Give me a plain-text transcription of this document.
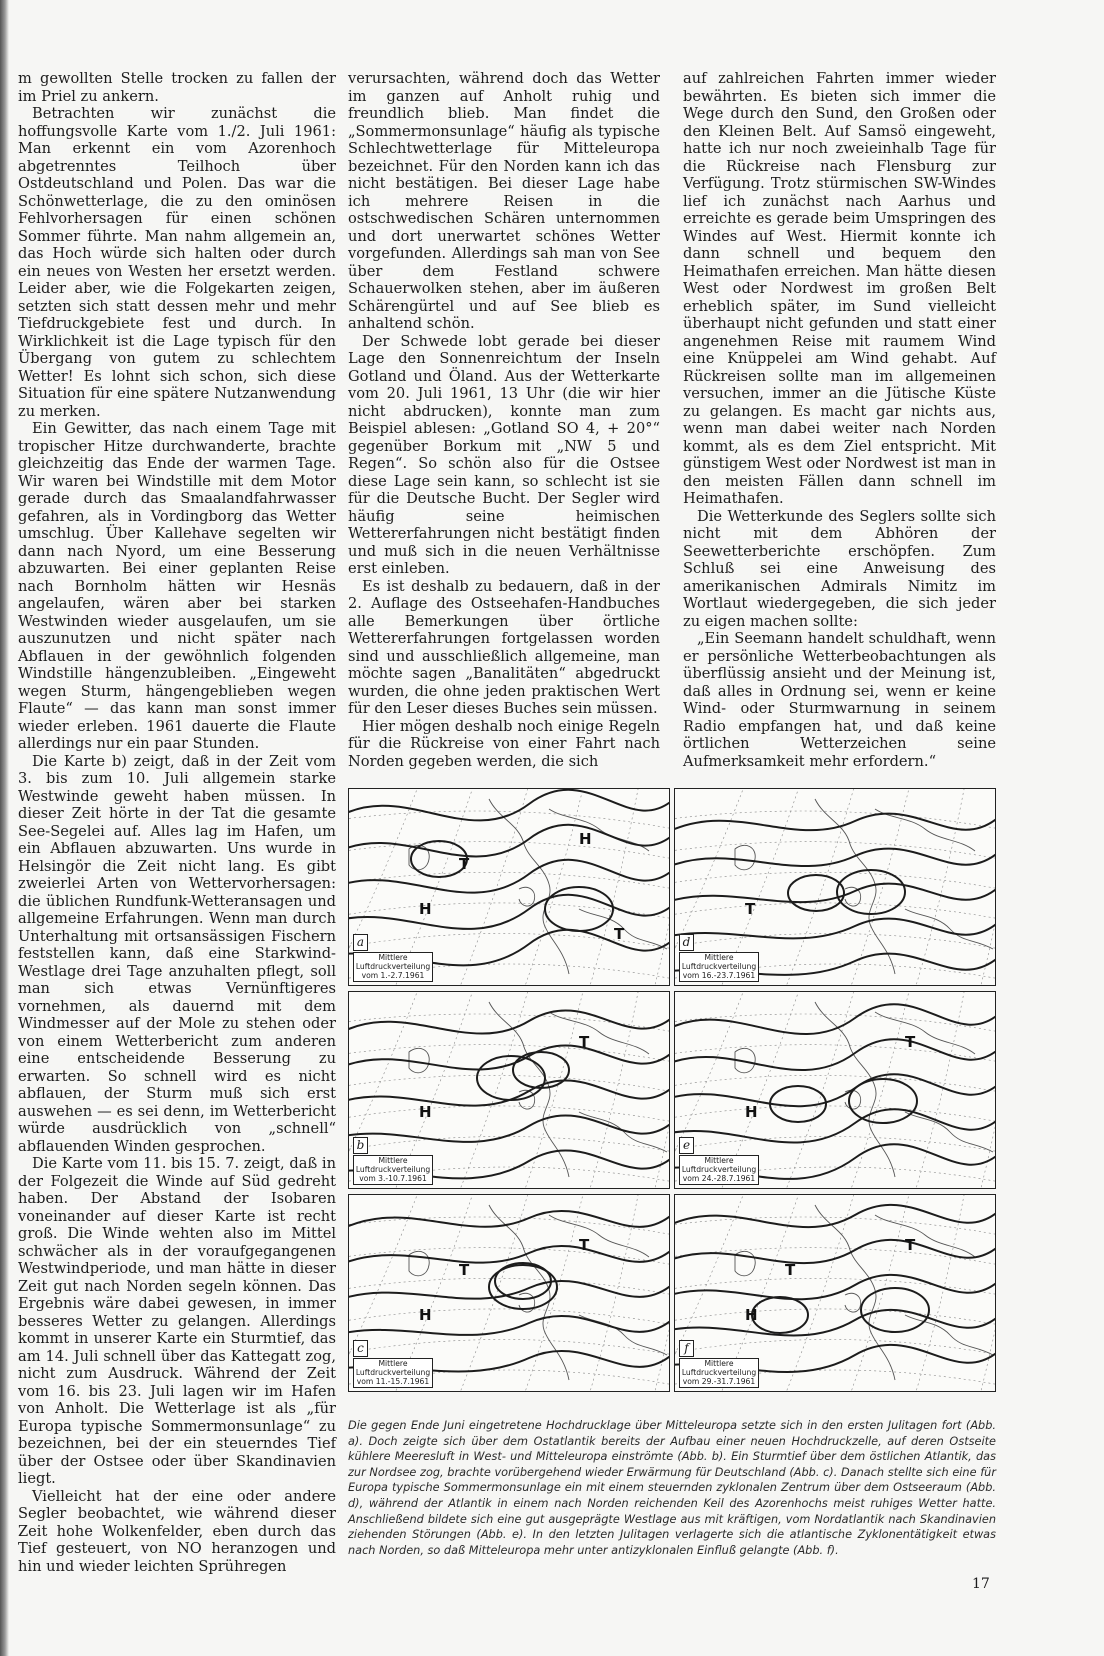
m gewollten Stelle trocken zu fallen der im Priel zu ankern.

Betrachten wir zunächst die hoffungsvolle Karte vom 1./2. Juli 1961: Man erkennt ein vom Azorenhoch abgetrenntes Teilhoch über Ostdeutschland und Polen. Das war die Schönwetterlage, die zu den ominösen Fehlvorhersagen für einen schönen Sommer führte. Man nahm allgemein an, das Hoch würde sich halten oder durch ein neues von Westen her ersetzt werden. Leider aber, wie die Folgekarten zeigen, setzten sich statt dessen mehr und mehr Tiefdruckgebiete fest und durch. In Wirklichkeit ist die Lage typisch für den Übergang von gutem zu schlechtem Wetter! Es lohnt sich schon, sich diese Situation für eine spätere Nutzanwendung zu merken.

Ein Gewitter, das nach einem Tage mit tropischer Hitze durchwanderte, brachte gleichzeitig das Ende der warmen Tage. Wir waren bei Windstille mit dem Motor gerade durch das Smaalandfahrwasser gefahren, als in Vordingborg das Wetter umschlug. Über Kallehave segelten wir dann nach Nyord, um eine Besserung abzuwarten. Bei einer geplanten Reise nach Bornholm hätten wir Hesnäs angelaufen, wären aber bei starken Westwinden wieder ausgelaufen, um sie auszunutzen und nicht später nach Abflauen in der gewöhnlich folgenden Windstille hängenzubleiben. „Eingeweht wegen Sturm, hängengeblieben wegen Flaute“ — das kann man sonst immer wieder erleben. 1961 dauerte die Flaute allerdings nur ein paar Stunden.

Die Karte b) zeigt, daß in der Zeit vom 3. bis zum 10. Juli allgemein starke Westwinde geweht haben müssen. In dieser Zeit hörte in der Tat die gesamte See-Segelei auf. Alles lag im Hafen, um ein Abflauen abzuwarten. Uns wurde in Helsingör die Zeit nicht lang. Es gibt zweierlei Arten von Wettervorhersagen: die üblichen Rundfunk-Wetteransagen und allgemeine Erfahrungen. Wenn man durch Unterhaltung mit ortsansässigen Fischern feststellen kann, daß eine Starkwind-Westlage drei Tage anzuhalten pflegt, soll man sich etwas Vernünftigeres vornehmen, als dauernd mit dem Windmesser auf der Mole zu stehen oder von einem Wetterbericht zum anderen eine entscheidende Besserung zu erwarten. So schnell wird es nicht abflauen, der Sturm muß sich erst auswehen — es sei denn, im Wetterbericht würde ausdrücklich von „schnell“ abflauenden Winden gesprochen.

Die Karte vom 11. bis 15. 7. zeigt, daß in der Folgezeit die Winde auf Süd gedreht haben. Der Abstand der Isobaren voneinander auf dieser Karte ist recht groß. Die Winde wehten also im Mittel schwächer als in der voraufgegangenen Westwindperiode, und man hätte in dieser Zeit gut nach Norden segeln können. Das Ergebnis wäre dabei gewesen, in immer besseres Wetter zu gelangen. Allerdings kommt in unserer Karte ein Sturmtief, das am 14. Juli schnell über das Kattegatt zog, nicht zum Ausdruck. Während der Zeit vom 16. bis 23. Juli lagen wir im Hafen von Anholt. Die Wetterlage ist als „für Europa typische Sommermonsunlage“ zu bezeichnen, bei der ein steuerndes Tief über der Ostsee oder über Skandinavien liegt.

Vielleicht hat der eine oder andere Segler beobachtet, wie während dieser Zeit hohe Wolkenfelder, eben durch das Tief gesteuert, von NO heranzogen und hin und wieder leichten Sprühregen

verursachten, während doch das Wetter im ganzen auf Anholt ruhig und freundlich blieb. Man findet die „Sommermonsunlage“ häufig als typische Schlechtwetterlage für Mitteleuropa bezeichnet. Für den Norden kann ich das nicht bestätigen. Bei dieser Lage habe ich mehrere Reisen in die ostschwedischen Schären unternommen und dort unerwartet schönes Wetter vorgefunden. Allerdings sah man von See über dem Festland schwere Schauerwolken stehen, aber im äußeren Schärengürtel und auf See blieb es anhaltend schön.

Der Schwede lobt gerade bei dieser Lage den Sonnenreichtum der Inseln Gotland und Öland. Aus der Wetterkarte vom 20. Juli 1961, 13 Uhr (die wir hier nicht abdrucken), konnte man zum Beispiel ablesen: „Gotland SO 4, + 20°“ gegenüber Borkum mit „NW 5 und Regen“. So schön also für die Ostsee diese Lage sein kann, so schlecht ist sie für die Deutsche Bucht. Der Segler wird häufig seine heimischen Wettererfahrungen nicht bestätigt finden und muß sich in die neuen Verhältnisse erst einleben.

Es ist deshalb zu bedauern, daß in der 2. Auflage des Ostseehafen-Handbuches alle Bemerkungen über örtliche Wettererfahrungen fortgelassen worden sind und ausschließlich allgemeine, man möchte sagen „Banalitäten“ abgedruckt wurden, die ohne jeden praktischen Wert für den Leser dieses Buches sein müssen.

Hier mögen deshalb noch einige Regeln für die Rückreise von einer Fahrt nach Norden gegeben werden, die sich

auf zahlreichen Fahrten immer wieder bewährten. Es bieten sich immer die Wege durch den Sund, den Großen oder den Kleinen Belt. Auf Samsö eingeweht, hatte ich nur noch zweieinhalb Tage für die Rückreise nach Flensburg zur Verfügung. Trotz stürmischen SW-Windes lief ich zunächst nach Aarhus und erreichte es gerade beim Umspringen des Windes auf West. Hiermit konnte ich dann schnell und bequem den Heimathafen erreichen. Man hätte diesen West oder Nordwest im großen Belt erheblich später, im Sund vielleicht überhaupt nicht gefunden und statt einer angenehmen Reise mit raumem Wind eine Knüppelei am Wind gehabt. Auf Rückreisen sollte man im allgemeinen versuchen, immer an die Jütische Küste zu gelangen. Es macht gar nichts aus, wenn man dabei weiter nach Norden kommt, als es dem Ziel entspricht. Mit günstigem West oder Nordwest ist man in den meisten Fällen dann schnell im Heimathafen.

Die Wetterkunde des Seglers sollte sich nicht mit dem Abhören der Seewetterberichte erschöpfen. Zum Schluß sei eine Anweisung des amerikanischen Admirals Nimitz im Wortlaut wiedergegeben, die sich jeder zu eigen machen sollte:

„Ein Seemann handelt schuldhaft, wenn er persönliche Wetterbeobachtungen als überflüssig ansieht und der Meinung ist, daß alles in Ordnung sei, wenn er keine Wind- oder Sturmwarnung in seinem Radio empfangen hat, und daß keine örtlichen Wetterzeichen seine Aufmerksamkeit mehr erfordern.“

H
H
T
T
a
Mittlere
Luftdruckverteilung
vom 1.-2.7.1961
T
d
Mittlere
Luftdruckverteilung
vom 16.-23.7.1961
H
T
b
Mittlere
Luftdruckverteilung
vom 3.-10.7.1961
H
T
e
Mittlere
Luftdruckverteilung
vom 24.-28.7.1961
H
T
T
c
Mittlere
Luftdruckverteilung
vom 11.-15.7.1961
H
T
T
f
Mittlere
Luftdruckverteilung
vom 29.-31.7.1961
Die gegen Ende Juni eingetretene Hochdrucklage über Mitteleuropa setzte sich in den ersten Julitagen fort (Abb. a). Doch zeigte sich über dem Ostatlantik bereits der Aufbau einer neuen Hochdruckzelle, auf deren Ostseite kühlere Meeresluft in West- und Mitteleuropa einströmte (Abb. b). Ein Sturmtief über dem östlichen Atlantik, das zur Nordsee zog, brachte vorübergehend wieder Erwärmung für Deutschland (Abb. c). Danach stellte sich eine für Europa typische Sommermonsunlage ein mit einem steuernden zyklonalen Zentrum über dem Ostseeraum (Abb. d), während der Atlantik in einem nach Norden reichenden Keil des Azorenhochs meist ruhiges Wetter hatte. Anschließend bildete sich eine gut ausgeprägte Westlage aus mit kräftigen, vom Nordatlantik nach Skandinavien ziehenden Störungen (Abb. e). In den letzten Julitagen verlagerte sich die atlantische Zyklonentätigkeit etwas nach Norden, so daß Mitteleuropa mehr unter antizyklonalen Einfluß gelangte (Abb. f).
17
